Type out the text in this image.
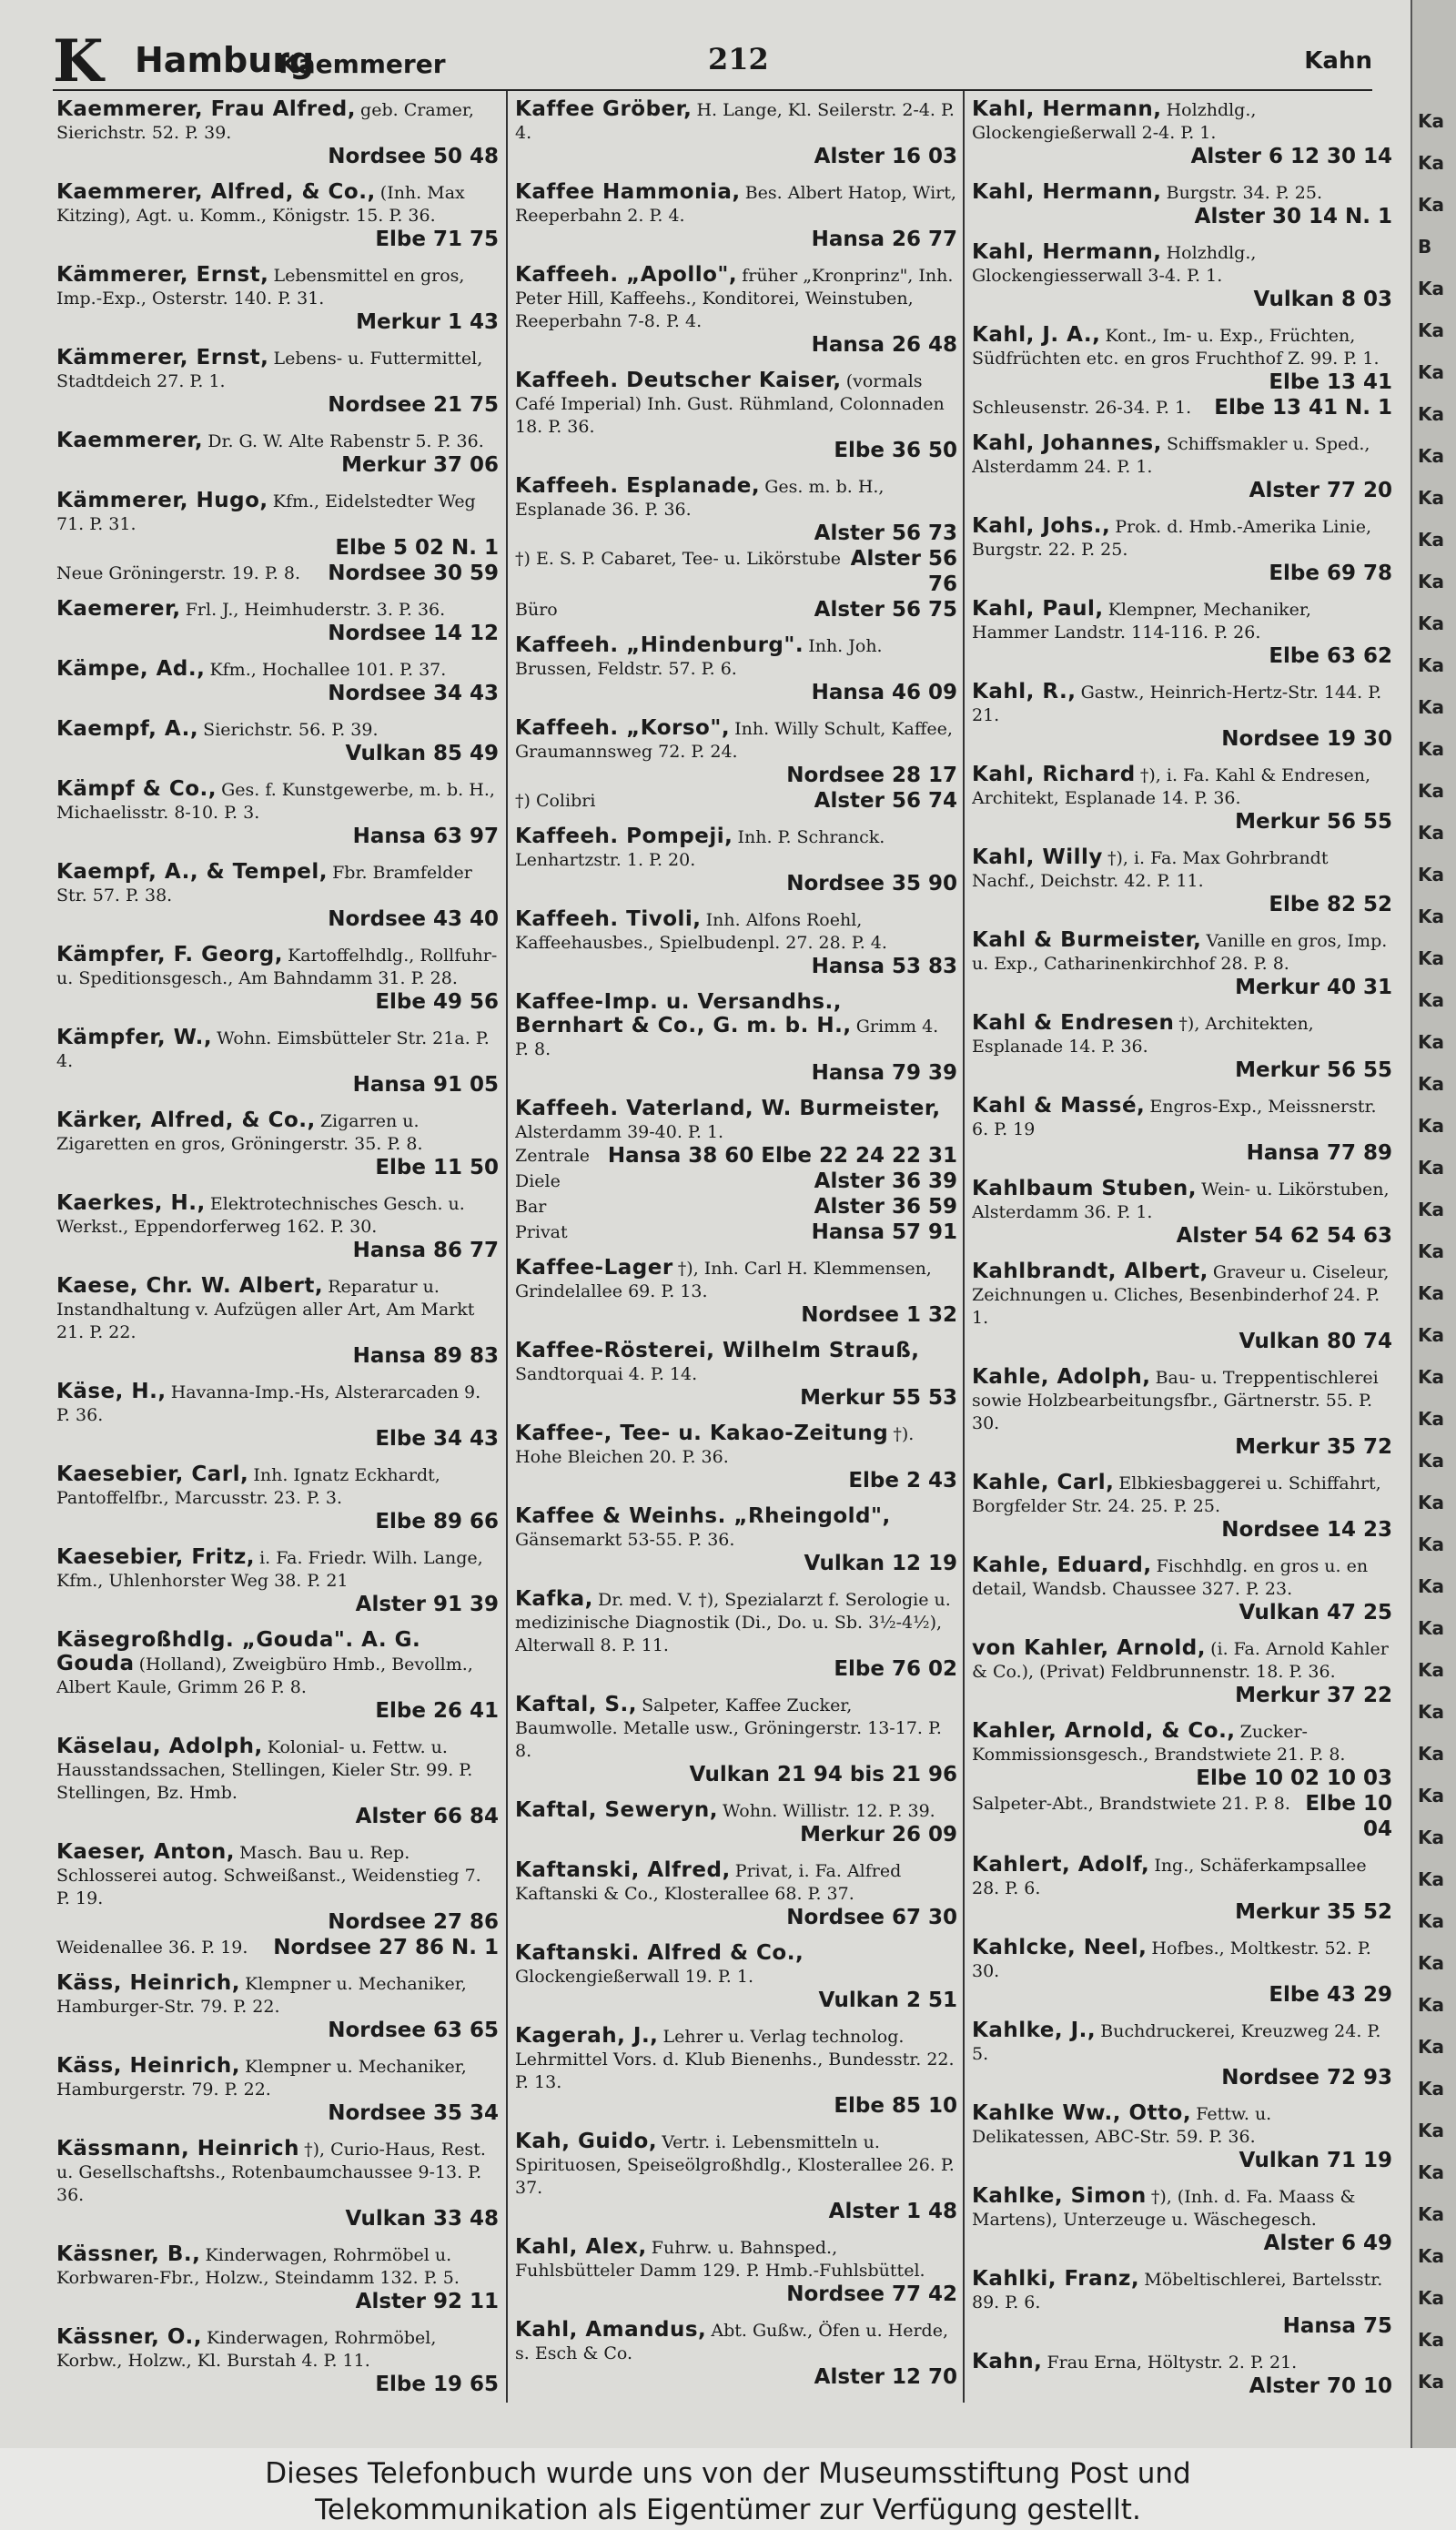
K Hamburg
Kaemmerer	212	Kahn
Kaemmerer, Frau Alfred, geb. Cramer, Sierichstr. 52. P. 39.
Nordsee 50 48
Kaemmerer, Alfred, & Co., (Inh. Max Kitzing), Agt. u. Komm., Königstr. 15. P. 36.
Elbe 71 75
Kämmerer, Ernst, Lebensmittel en gros, Imp.-Exp., Osterstr. 140. P. 31.
Merkur 1 43
Kämmerer, Ernst, Lebens- u. Futtermittel, Stadtdeich 27. P. 1.
Nordsee 21 75
Kaemmerer, Dr. G. W. Alte Rabenstr 5. P. 36.
Merkur 37 06
Kämmerer, Hugo, Kfm., Eidelstedter Weg 71. P. 31.
Elbe 5 02 N. 1
Neue Gröningerstr. 19. P. 8. Nordsee 30 59
Kaemerer, Frl. J., Heimhuderstr. 3. P. 36.
Nordsee 14 12
Kämpe, Ad., Kfm., Hochallee 101. P. 37.
Nordsee 34 43
Kaempf, A., Sierichstr. 56. P. 39.
Vulkan 85 49
Kämpf & Co., Ges. f. Kunstgewerbe, m. b. H., Michaelisstr. 8-10. P. 3.
Hansa 63 97
Kaempf, A., & Tempel, Fbr. Bramfelder Str. 57. P. 38.
Nordsee 43 40
Kämpfer, F. Georg, Kartoffelhdlg., Rollfuhr- u. Speditionsgesch., Am Bahndamm 31. P. 28.
Elbe 49 56
Kämpfer, W., Wohn. Eimsbütteler Str. 21a. P. 4.
Hansa 91 05
Kärker, Alfred, & Co., Zigarren u. Zigaretten en gros, Gröningerstr. 35. P. 8.
Elbe 11 50
Kaerkes, H., Elektrotechnisches Gesch. u. Werkst., Eppendorferweg 162. P. 30.
Hansa 86 77
Kaese, Chr. W. Albert, Reparatur u. Instandhaltung v. Aufzügen aller Art, Am Markt 21. P. 22.
Hansa 89 83
Käse, H., Havanna-Imp.-Hs, Alsterarcaden 9. P. 36.
Elbe 34 43
Kaesebier, Carl, Inh. Ignatz Eckhardt, Pantoffelfbr., Marcusstr. 23. P. 3.
Elbe 89 66
Kaesebier, Fritz, i. Fa. Friedr. Wilh. Lange, Kfm., Uhlenhorster Weg 38. P. 21
Alster 91 39
Käsegroßhdlg. „Gouda". A. G. Gouda (Holland), Zweigbüro Hmb., Bevollm., Albert Kaule, Grimm 26 P. 8.
Elbe 26 41
Käselau, Adolph, Kolonial- u. Fettw. u. Hausstandssachen, Stellingen, Kieler Str. 99. P. Stellingen, Bz. Hmb.
Alster 66 84
Kaeser, Anton, Masch. Bau u. Rep. Schlosserei autog. Schweißanst., Weidenstieg 7. P. 19.
Nordsee 27 86
Weidenallee 36. P. 19. Nordsee 27 86 N. 1
Käss, Heinrich, Klempner u. Mechaniker, Hamburger-Str. 79. P. 22.
Nordsee 63 65
Käss, Heinrich, Klempner u. Mechaniker, Hamburgerstr. 79. P. 22.
Nordsee 35 34
Kässmann, Heinrich †), Curio-Haus, Rest. u. Gesellschaftshs., Rotenbaumchaussee 9-13. P. 36.
Vulkan 33 48
Kässner, B., Kinderwagen, Rohrmöbel u. Korbwaren-Fbr., Holzw., Steindamm 132. P. 5.
Alster 92 11
Kässner, O., Kinderwagen, Rohrmöbel, Korbw., Holzw., Kl. Burstah 4. P. 11.
Elbe 19 65
Kaffee Gröber, H. Lange, Kl. Seilerstr. 2-4. P. 4.
Alster 16 03
Kaffee Hammonia, Bes. Albert Hatop, Wirt, Reeperbahn 2. P. 4.
Hansa 26 77
Kaffeeh. „Apollo", früher „Kronprinz", Inh. Peter Hill, Kaffeehs., Konditorei, Weinstuben, Reeperbahn 7-8. P. 4.
Hansa 26 48
Kaffeeh. Deutscher Kaiser, (vormals Café Imperial) Inh. Gust. Rühmland, Colonnaden 18. P. 36.
Elbe 36 50
Kaffeeh. Esplanade, Ges. m. b. H., Esplanade 36. P. 36.
Alster 56 73
†) E. S. P. Cabaret, Tee- u. Likörstube Alster 56 76
Büro	Alster 56 75
Kaffeeh. „Hindenburg". Inh. Joh. Brussen, Feldstr. 57. P. 6.
Hansa 46 09
Kaffeeh. „Korso", Inh. Willy Schult, Kaffee, Graumannsweg 72. P. 24.
Nordsee 28 17
†) Colibri	Alster 56 74
Kaffeeh. Pompeji, Inh. P. Schranck. Lenhartzstr. 1. P. 20.
Nordsee 35 90
Kaffeeh. Tivoli, Inh. Alfons Roehl, Kaffeehausbes., Spielbudenpl. 27. 28. P. 4.
Hansa 53 83
Kaffee-Imp. u. Versandhs., Bernhart & Co., G. m. b. H., Grimm 4. P. 8.
Hansa 79 39
Kaffeeh. Vaterland, W. Burmeister, Alsterdamm 39-40. P. 1.
Zentrale Hansa 38 60 Elbe 22 24 22 31
Diele	Alster 36 39
Bar	Alster 36 59
Privat	Hansa 57 91
Kaffee-Lager †), Inh. Carl H. Klemmensen, Grindelallee 69. P. 13.
Nordsee 1 32
Kaffee-Rösterei, Wilhelm Strauß, Sandtorquai 4. P. 14.
Merkur 55 53
Kaffee-, Tee- u. Kakao-Zeitung †). Hohe Bleichen 20. P. 36.
Elbe 2 43
Kaffee & Weinhs. „Rheingold", Gänsemarkt 53-55. P. 36.
Vulkan 12 19
Kafka, Dr. med. V. †), Spezialarzt f. Serologie u. medizinische Diagnostik (Di., Do. u. Sb. 3½-4½), Alterwall 8. P. 11.
Elbe 76 02
Kaftal, S., Salpeter, Kaffee Zucker, Baumwolle. Metalle usw., Gröningerstr. 13-17. P. 8.
Vulkan 21 94 bis 21 96
Kaftal, Seweryn, Wohn. Willistr. 12. P. 39.
Merkur 26 09
Kaftanski, Alfred, Privat, i. Fa. Alfred Kaftanski & Co., Klosterallee 68. P. 37.
Nordsee 67 30
Kaftanski. Alfred & Co., Glockengießerwall 19. P. 1.
Vulkan 2 51
Kagerah, J., Lehrer u. Verlag technolog. Lehrmittel Vors. d. Klub Bienenhs., Bundesstr. 22. P. 13.
Elbe 85 10
Kah, Guido, Vertr. i. Lebensmitteln u. Spirituosen, Speiseölgroßhdlg., Klosterallee 26. P. 37.
Alster 1 48
Kahl, Alex, Fuhrw. u. Bahnsped., Fuhlsbütteler Damm 129. P. Hmb.-Fuhlsbüttel.
Nordsee 77 42
Kahl, Amandus, Abt. Gußw., Öfen u. Herde, s. Esch & Co.
Alster 12 70
Kahl, Hermann, Holzhdlg., Glockengießerwall 2-4. P. 1.
Alster 6 12 30 14
Kahl, Hermann, Burgstr. 34. P. 25.
Alster 30 14 N. 1
Kahl, Hermann, Holzhdlg., Glockengiesserwall 3-4. P. 1.
Vulkan 8 03
Kahl, J. A., Kont., Im- u. Exp., Früchten, Südfrüchten etc. en gros Fruchthof Z. 99. P. 1.
Elbe 13 41
Schleusenstr. 26-34. P. 1. Elbe 13 41 N. 1
Kahl, Johannes, Schiffsmakler u. Sped., Alsterdamm 24. P. 1.
Alster 77 20
Kahl, Johs., Prok. d. Hmb.-Amerika Linie, Burgstr. 22. P. 25.
Elbe 69 78
Kahl, Paul, Klempner, Mechaniker, Hammer Landstr. 114-116. P. 26.
Elbe 63 62
Kahl, R., Gastw., Heinrich-Hertz-Str. 144. P. 21.
Nordsee 19 30
Kahl, Richard †), i. Fa. Kahl & Endresen, Architekt, Esplanade 14. P. 36.
Merkur 56 55
Kahl, Willy †), i. Fa. Max Gohrbrandt Nachf., Deichstr. 42. P. 11.
Elbe 82 52
Kahl & Burmeister, Vanille en gros, Imp. u. Exp., Catharinenkirchhof 28. P. 8.
Merkur 40 31
Kahl & Endresen †), Architekten, Esplanade 14. P. 36.
Merkur 56 55
Kahl & Massé, Engros-Exp., Meissnerstr. 6. P. 19
Hansa 77 89
Kahlbaum Stuben, Wein- u. Likörstuben, Alsterdamm 36. P. 1.
Alster 54 62 54 63
Kahlbrandt, Albert, Graveur u. Ciseleur, Zeichnungen u. Cliches, Besenbinderhof 24. P. 1.
Vulkan 80 74
Kahle, Adolph, Bau- u. Treppentischlerei sowie Holzbearbeitungsfbr., Gärtnerstr. 55. P. 30.
Merkur 35 72
Kahle, Carl, Elbkiesbaggerei u. Schiffahrt, Borgfelder Str. 24. 25. P. 25.
Nordsee 14 23
Kahle, Eduard, Fischhdlg. en gros u. en detail, Wandsb. Chaussee 327. P. 23.
Vulkan 47 25
von Kahler, Arnold, (i. Fa. Arnold Kahler & Co.), (Privat) Feldbrunnenstr. 18. P. 36.
Merkur 37 22
Kahler, Arnold, & Co., Zucker-Kommissionsgesch., Brandstwiete 21. P. 8.
Elbe 10 02 10 03
Salpeter-Abt., Brandstwiete 21. P. 8. Elbe 10 04
Kahlert, Adolf, Ing., Schäferkampsallee 28. P. 6.
Merkur 35 52
Kahlcke, Neel, Hofbes., Moltkestr. 52. P. 30.
Elbe 43 29
Kahlke, J., Buchdruckerei, Kreuzweg 24. P. 5.
Nordsee 72 93
Kahlke Ww., Otto, Fettw. u. Delikatessen, ABC-Str. 59. P. 36.
Vulkan 71 19
Kahlke, Simon †), (Inh. d. Fa. Maass & Martens), Unterzeuge u. Wäschegesch.
Alster 6 49
Kahlki, Franz, Möbeltischlerei, Bartelsstr. 89. P. 6.
Hansa 75
Kahn, Frau Erna, Höltystr. 2. P. 21.
Alster 70 10
Ka
Ka
Ka
B
Ka
Ka
Ka
Ka
Ka
Ka
Ka
Ka
Ka
Ka
Ka
Ka
Ka
Ka
Ka
Ka
Ka
Ka
Ka
Ka
Ka
Ka
Ka
Ka
Ka
Ka
Ka
Ka
Ka
Ka
Ka
Ka
Ka
Ka
Ka
Ka
Ka
Ka
Ka
Ka
Ka
Ka
Ka
Ka
Ka
Ka
Ka
Ka
Ka
Ka
Ka
Dieses Telefonbuch wurde uns von der Museumsstiftung Post und
Telekommunikation als Eigentümer zur Verfügung gestellt.
